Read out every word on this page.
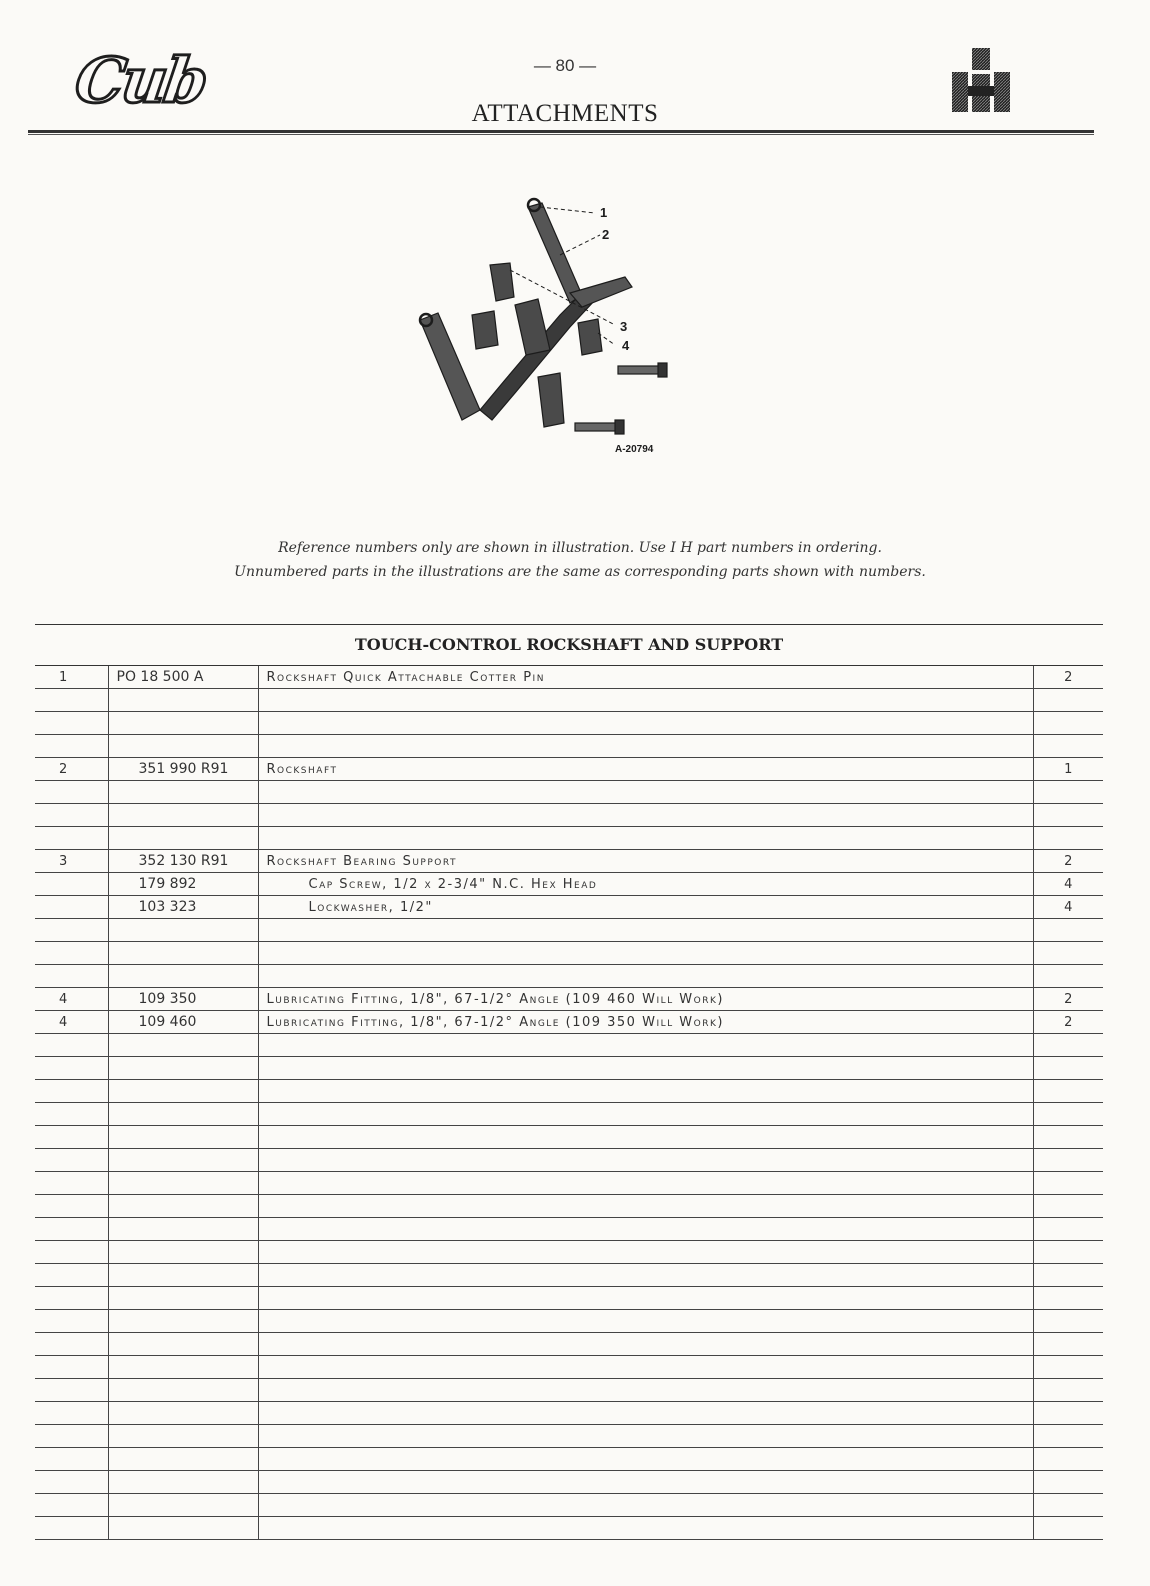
Cub	— 80 —
ATTACHMENTS
1
2
3
4
A-20794

Reference numbers only are shown in illustration. Use I H part numbers in ordering.

Unnumbered parts in the illustrations are the same as corresponding parts shown with numbers.

TOUCH-CONTROL ROCKSHAFT AND SUPPORT
1	PO 18 500 A	Rockshaft Quick Attachable Cotter Pin	2

2	351 990 R91	Rockshaft	1

3	352 130 R91	Rockshaft Bearing Support	2
	179 892	Cap Screw, 1/2 x 2-3/4" N.C. Hex Head	4
	103 323	Lockwasher, 1/2"	4

4	109 350	Lubricating Fitting, 1/8", 67-1/2° Angle (109 460 Will Work)	2
4	109 460	Lubricating Fitting, 1/8", 67-1/2° Angle (109 350 Will Work)	2
